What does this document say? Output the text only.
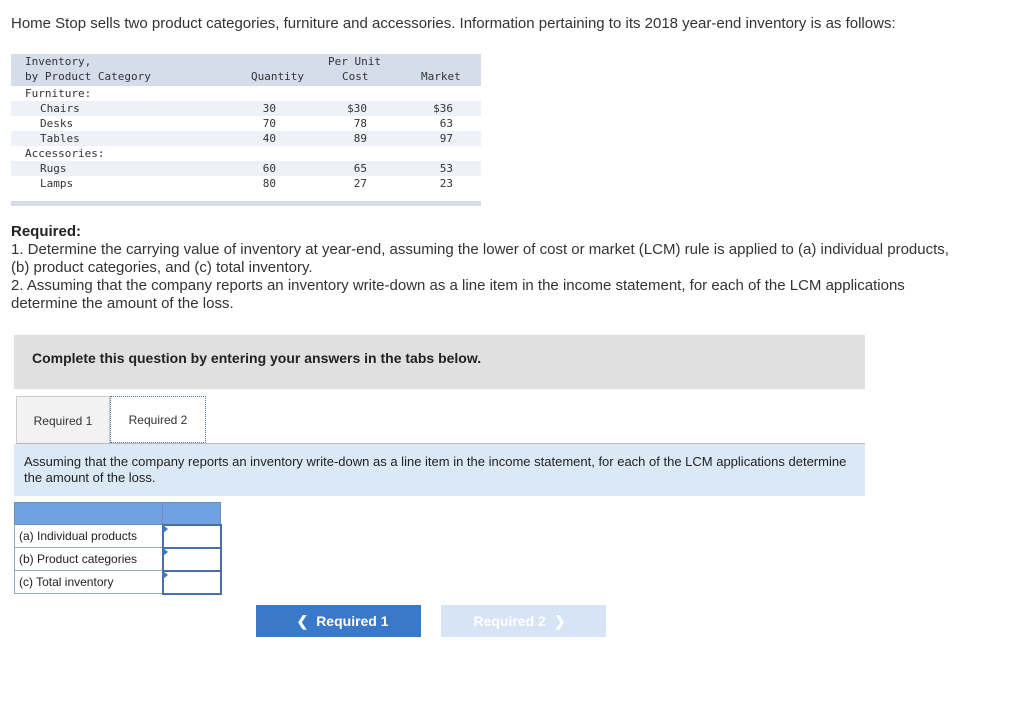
Home Stop sells two product categories, furniture and accessories. Information pertaining to its 2018 year-end inventory is as follows:
Inventory,
by Product Category	Quantity
Per Unit
Cost	Market
Furniture:
Chairs	30	$30	$36
Desks	70	78	63
Tables	40	89	97
Accessories:
Rugs	60	65	53
Lamps	80	27	23
Required:
1. Determine the carrying value of inventory at year-end, assuming the lower of cost or market (LCM) rule is applied to (a) individual products, (b) product categories, and (c) total inventory.
2. Assuming that the company reports an inventory write-down as a line item in the income statement, for each of the LCM applications determine the amount of the loss.
Complete this question by entering your answers in the tabs below.
Required 1	Required 2
Assuming that the company reports an inventory write-down as a line item in the income statement, for each of the LCM applications determine the amount of the loss.

(a) Individual products	

(b) Product categories	

(c) Total inventory	
❮ Required 1	Required 2 ❯
